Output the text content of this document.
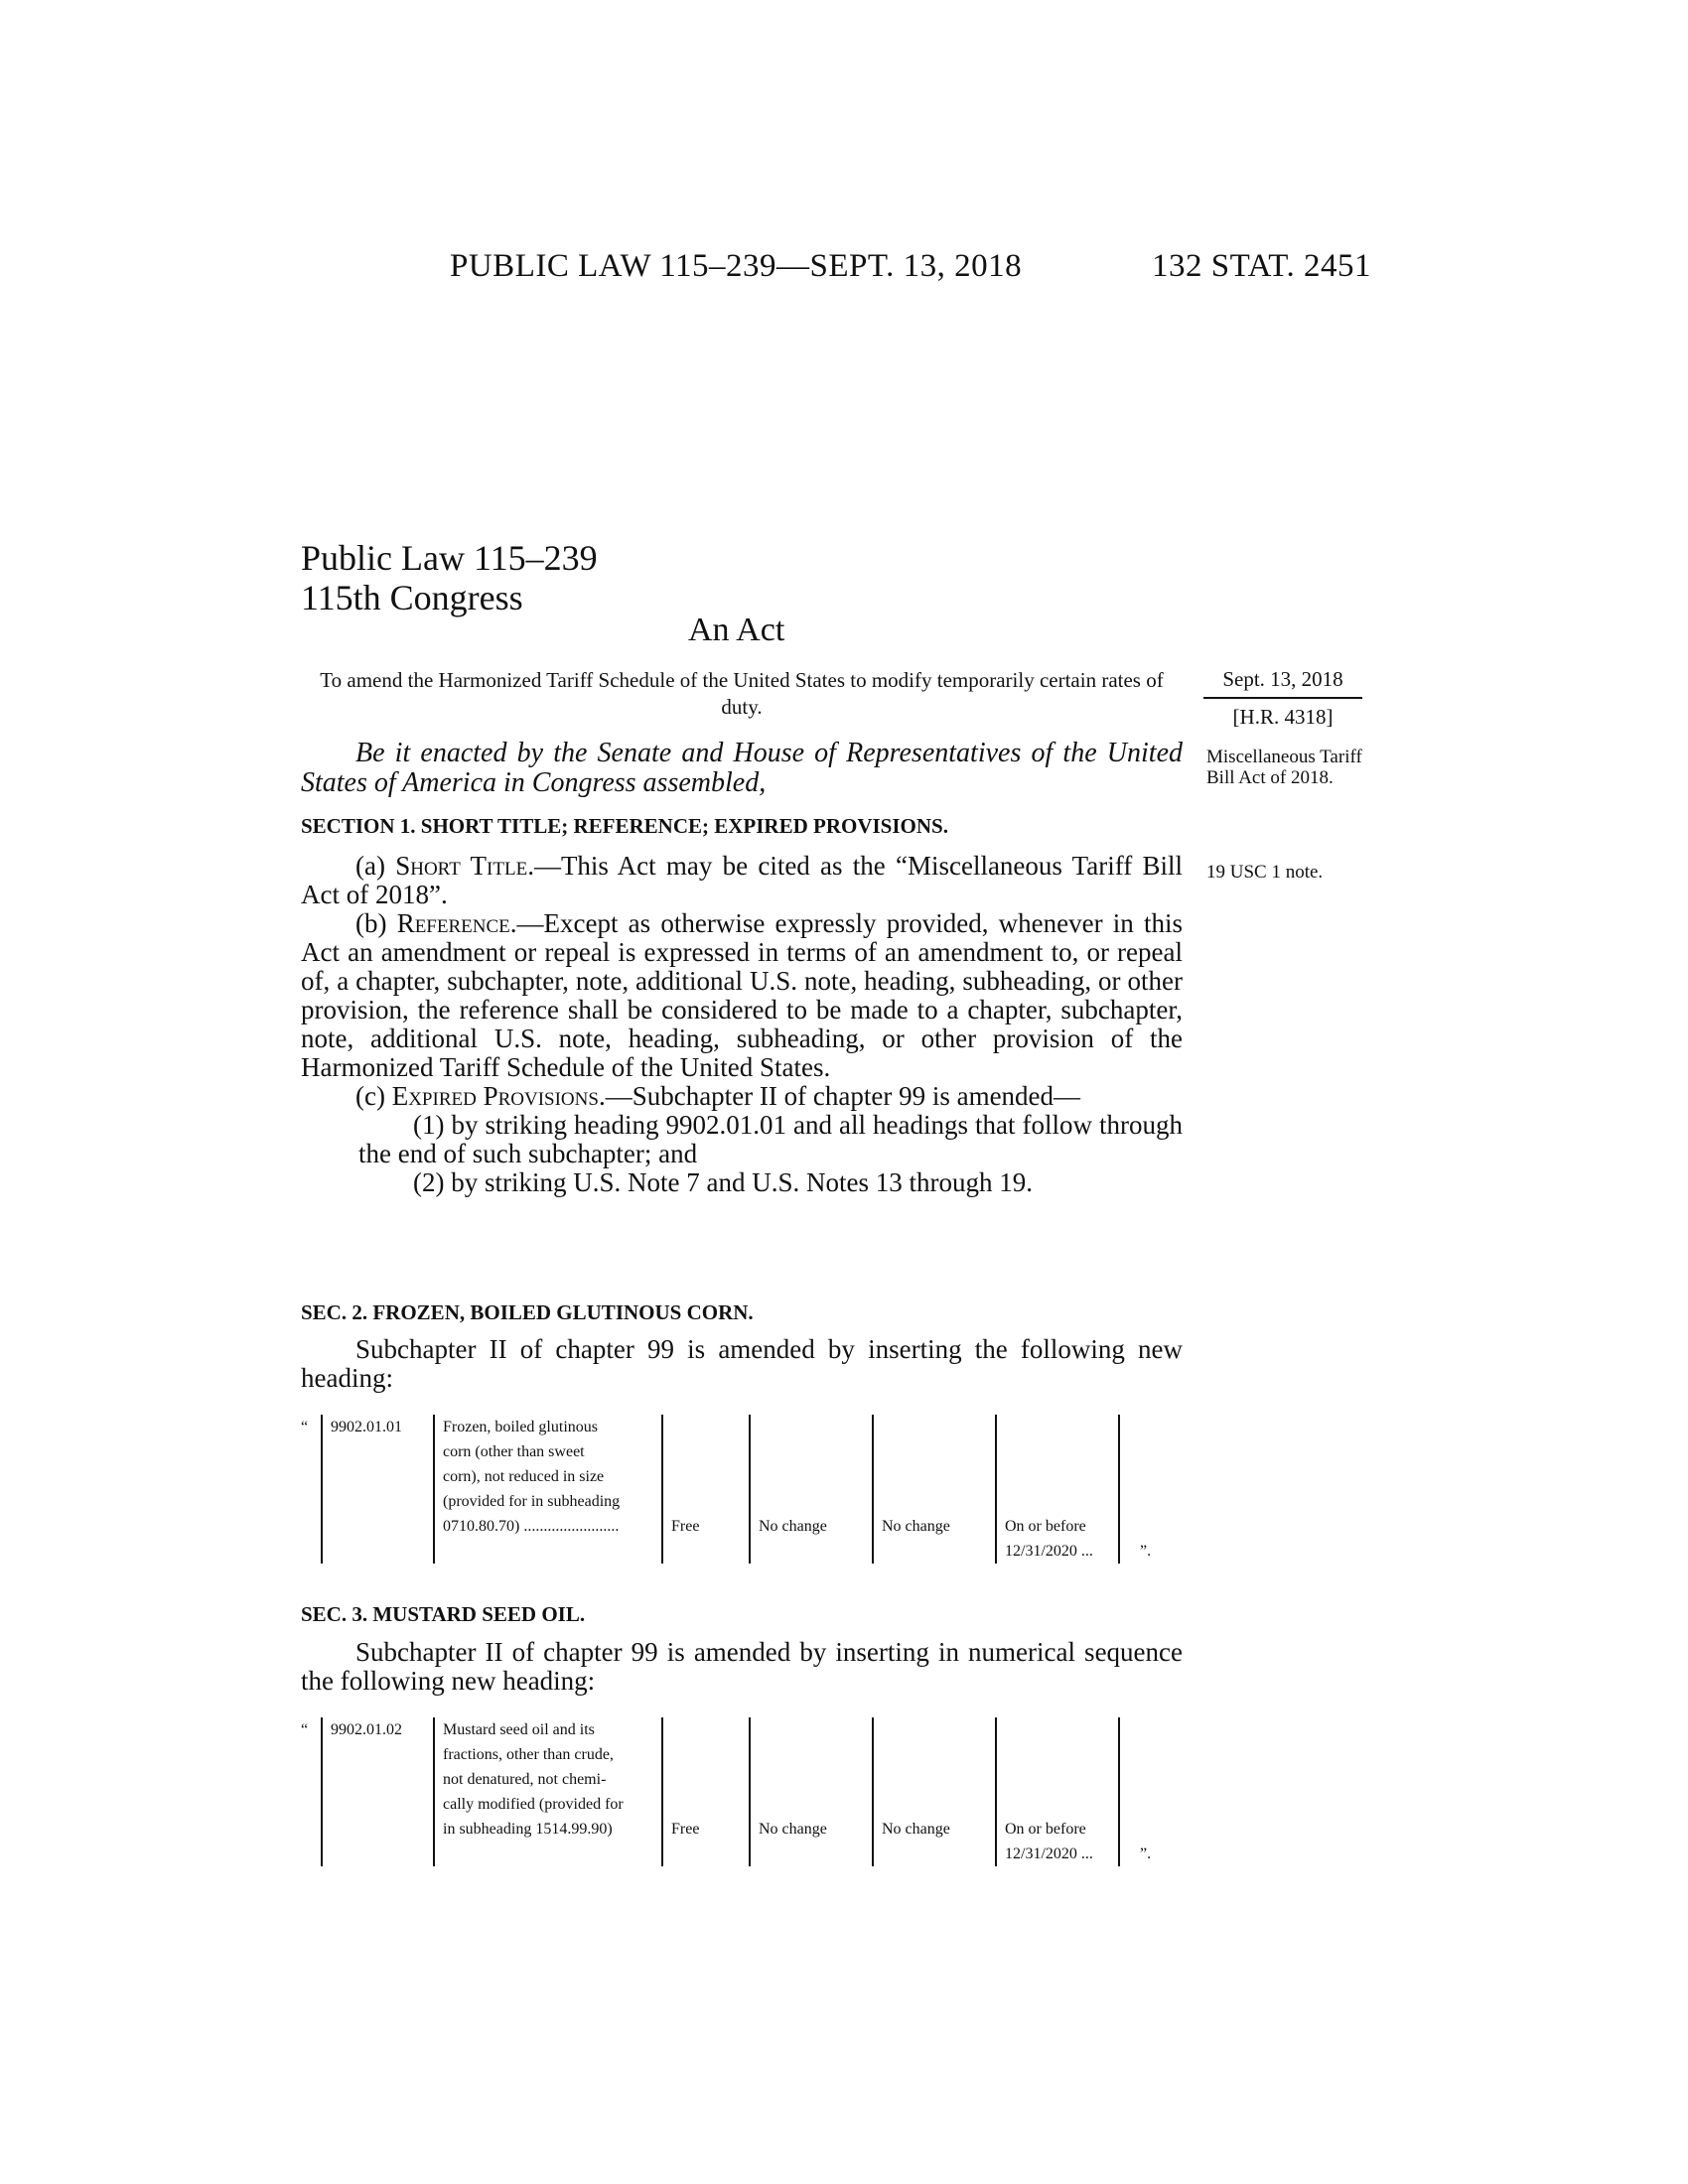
PUBLIC LAW 115–239—SEPT. 13, 2018	132 STAT. 2451
Public Law 115–239
115th Congress
An Act
To amend the Harmonized Tariff Schedule of the United States to modify temporarily certain rates of duty.
Sept. 13, 2018
[H.R. 4318]
Miscellaneous Tariff Bill Act of 2018.
19 USC 1 note.

Be it enacted by the Senate and House of Representatives of the United States of America in Congress assembled,

SECTION 1. SHORT TITLE; REFERENCE; EXPIRED PROVISIONS.

(a) Short Title.—This Act may be cited as the “Miscellaneous Tariff Bill Act of 2018”.

(b) Reference.—Except as otherwise expressly provided, whenever in this Act an amendment or repeal is expressed in terms of an amendment to, or repeal of, a chapter, subchapter, note, additional U.S. note, heading, subheading, or other provision, the reference shall be considered to be made to a chapter, subchapter, note, additional U.S. note, heading, subheading, or other provision of the Harmonized Tariff Schedule of the United States.

(c) Expired Provisions.—Subchapter II of chapter 99 is amended—

(1) by striking heading 9902.01.01 and all headings that follow through the end of such subchapter; and

(2) by striking U.S. Note 7 and U.S. Notes 13 through 19.

SEC. 2. FROZEN, BOILED GLUTINOUS CORN.

Subchapter II of chapter 99 is amended by inserting the following new heading:

“	9902.01.01	Frozen, boiled glutinous
corn (other than sweet
corn), not reduced in size
(provided for in subheading
0710.80.70) ........................	Free	No change	No change	On or before
12/31/2020 ...	”.
SEC. 3. MUSTARD SEED OIL.

Subchapter II of chapter 99 is amended by inserting in numerical sequence the following new heading:

“	9902.01.02	Mustard seed oil and its
fractions, other than crude,
not denatured, not chemi-
cally modified (provided for
in subheading 1514.99.90)	Free	No change	No change	On or before
12/31/2020 ...	”.
